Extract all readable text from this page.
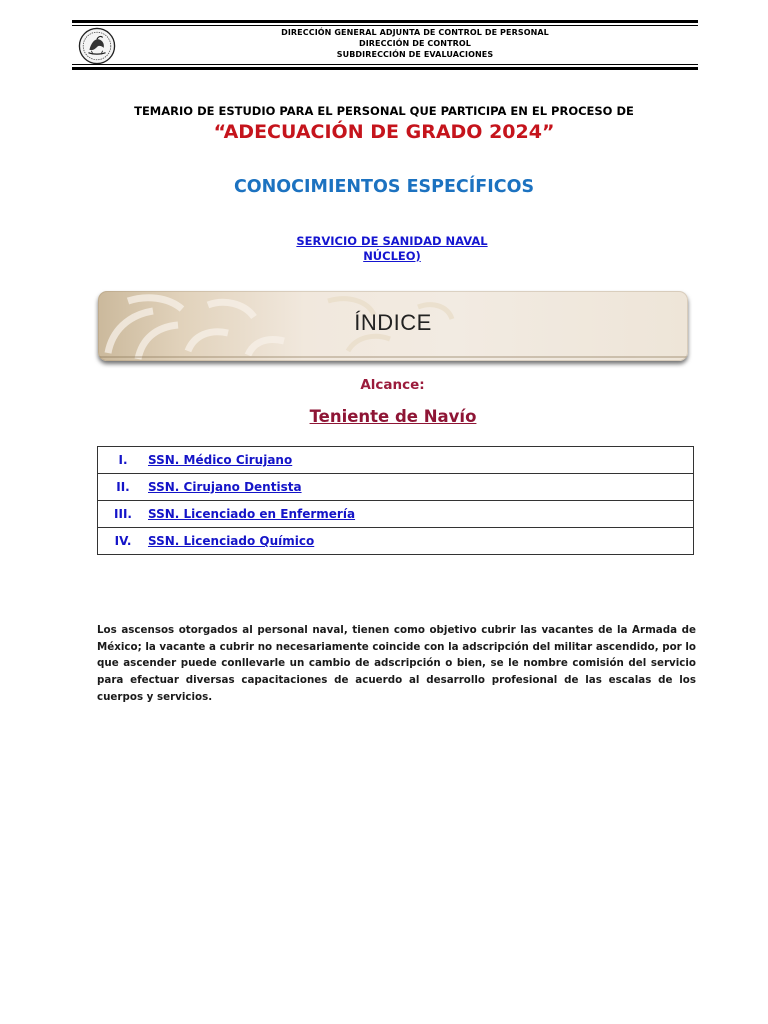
DIRECCIÓN GENERAL ADJUNTA DE CONTROL DE PERSONAL
DIRECCIÓN DE CONTROL
SUBDIRECCIÓN DE EVALUACIONES
TEMARIO DE ESTUDIO PARA EL PERSONAL QUE PARTICIPA EN EL PROCESO DE
“ADECUACIÓN DE GRADO 2024”
CONOCIMIENTOS ESPECÍFICOS
SERVICIO DE SANIDAD NAVAL
NÚCLEO)
ÍNDICE
Alcance:
Teniente de Navío
I.	SSN. Médico Cirujano
II.	SSN. Cirujano Dentista
III.	SSN. Licenciado en Enfermería
IV.	SSN. Licenciado Químico
Los ascensos otorgados al personal naval, tienen como objetivo cubrir las vacantes de la Armada de México; la vacante a cubrir no necesariamente coincide con la adscripción del militar ascendido, por lo que ascender puede conllevarle un cambio de adscripción o bien, se le nombre comisión del servicio para efectuar diversas capacitaciones de acuerdo al desarrollo profesional de las escalas de los cuerpos y servicios.
